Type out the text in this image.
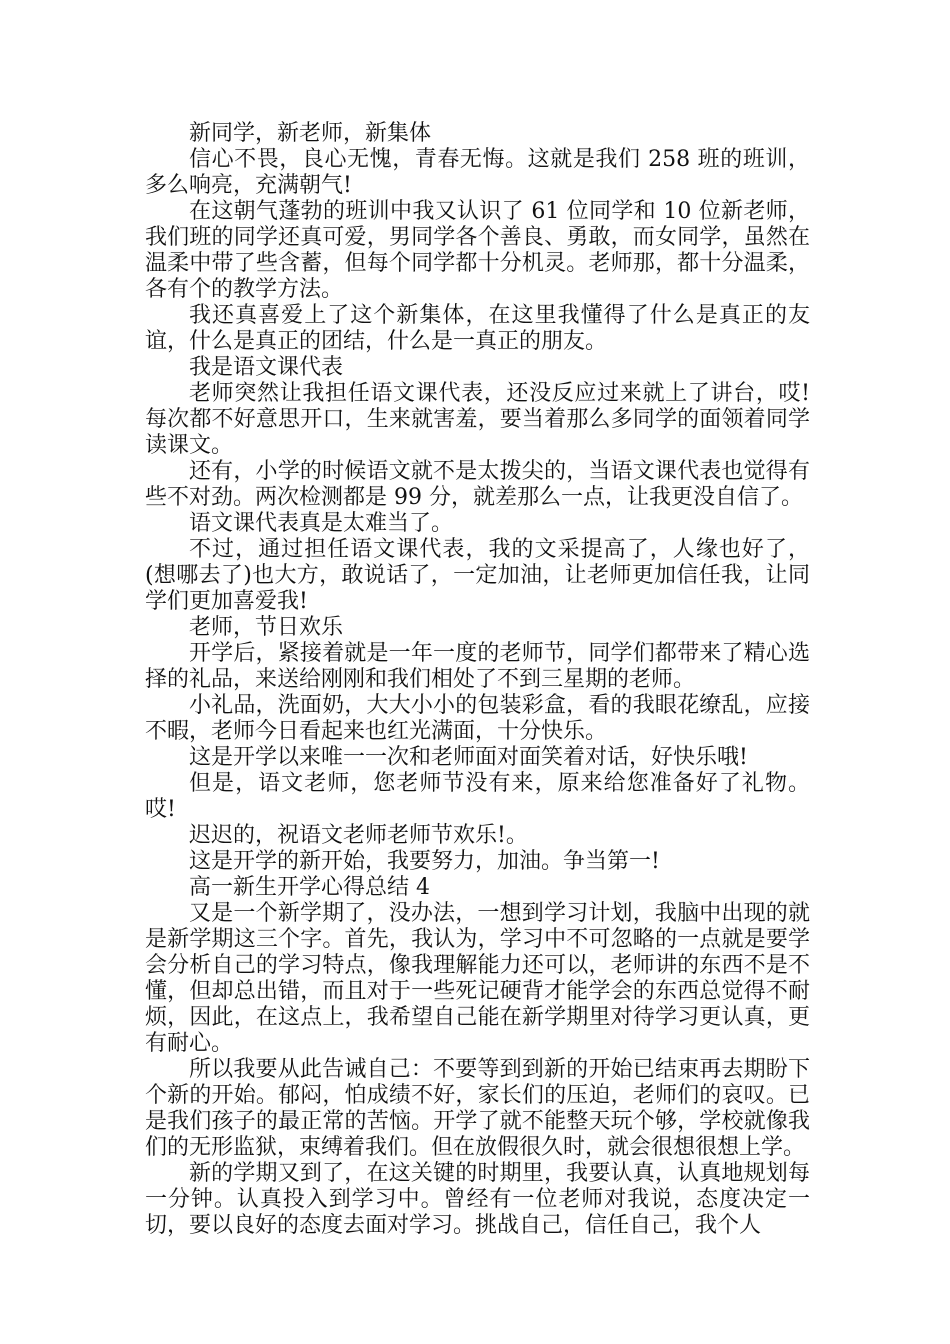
新同学，新老师，新集体

信心不畏，良心无愧，青春无悔。这就是我们 258 班的班训，多么响亮，充满朝气!

在这朝气蓬勃的班训中我又认识了 61 位同学和 10 位新老师，我们班的同学还真可爱，男同学各个善良、勇敢，而女同学，虽然在温柔中带了些含蓄，但每个同学都十分机灵。老师那，都十分温柔，各有个的教学方法。

我还真喜爱上了这个新集体，在这里我懂得了什么是真正的友谊，什么是真正的团结，什么是一真正的朋友。

我是语文课代表

老师突然让我担任语文课代表，还没反应过来就上了讲台，哎!每次都不好意思开口，生来就害羞，要当着那么多同学的面领着同学读课文。

还有，小学的时候语文就不是太拨尖的，当语文课代表也觉得有些不对劲。两次检测都是 99 分，就差那么一点，让我更没自信了。

语文课代表真是太难当了。

不过，通过担任语文课代表，我的文采提高了，人缘也好了，(想哪去了)也大方，敢说话了，一定加油，让老师更加信任我，让同学们更加喜爱我!

老师，节日欢乐

开学后，紧接着就是一年一度的老师节，同学们都带来了精心选择的礼品，来送给刚刚和我们相处了不到三星期的老师。

小礼品，洗面奶，大大小小的包装彩盒，看的我眼花缭乱，应接不暇，老师今日看起来也红光满面，十分快乐。

这是开学以来唯一一次和老师面对面笑着对话，好快乐哦!

但是，语文老师，您老师节没有来，原来给您准备好了礼物。哎!

迟迟的，祝语文老师老师节欢乐!。

这是开学的新开始，我要努力，加油。争当第一!

高一新生开学心得总结 4

又是一个新学期了，没办法，一想到学习计划，我脑中出现的就是新学期这三个字。首先，我认为，学习中不可忽略的一点就是要学会分析自己的学习特点，像我理解能力还可以，老师讲的东西不是不懂，但却总出错，而且对于一些死记硬背才能学会的东西总觉得不耐烦，因此，在这点上，我希望自己能在新学期里对待学习更认真，更有耐心。

所以我要从此告诫自己：不要等到到新的开始已结束再去期盼下个新的开始。郁闷，怕成绩不好，家长们的压迫，老师们的哀叹。已是我们孩子的最正常的苦恼。开学了就不能整天玩个够，学校就像我们的无形监狱，束缚着我们。但在放假很久时，就会很想很想上学。

新的学期又到了，在这关键的时期里，我要认真，认真地规划每一分钟。认真投入到学习中。曾经有一位老师对我说，态度决定一切，要以良好的态度去面对学习。挑战自己，信任自己，我个人
